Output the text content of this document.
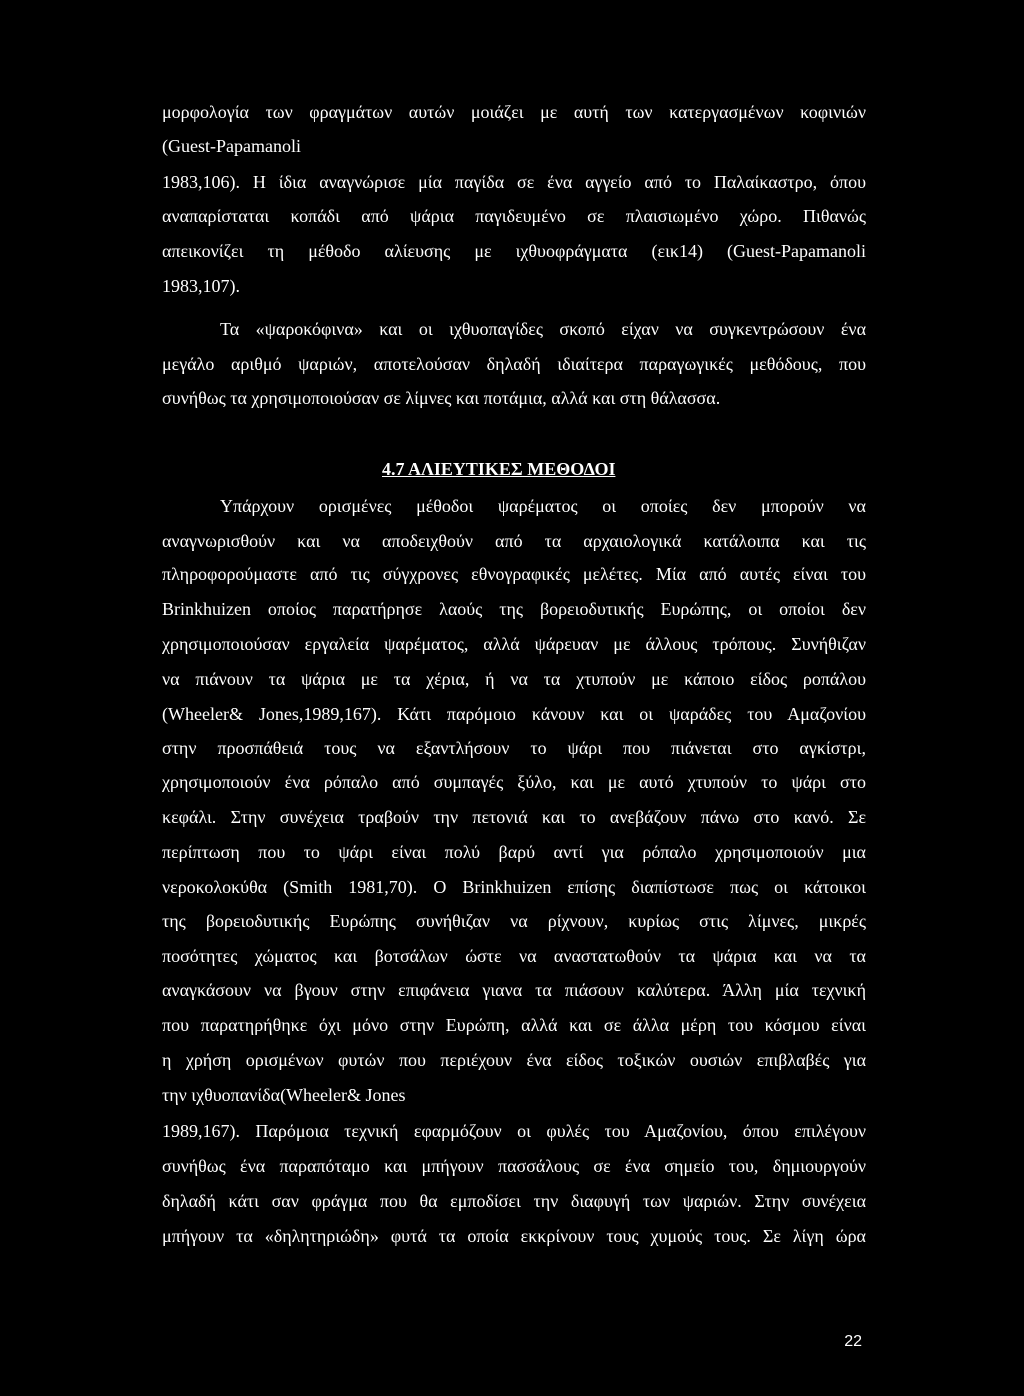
μορφολογία των φραγμάτων αυτών μοιάζει με αυτή των κατεργασμένων κοφινιών
(Guest-Papamanoli
1983,106). Η ίδια αναγνώρισε μία παγίδα σε ένα αγγείο από το Παλαίκαστρο, όπου
αναπαρίσταται κοπάδι από ψάρια παγιδευμένο σε πλαισιωμένο χώρο. Πιθανώς
απεικονίζει τη μέθοδο αλίευσης με ιχθυοφράγματα (εικ14) (Guest-Papamanoli
1983,107).
Τα «ψαροκόφινα» και οι ιχθυοπαγίδες σκοπό είχαν να συγκεντρώσουν ένα
μεγάλο αριθμό ψαριών, αποτελούσαν δηλαδή ιδιαίτερα παραγωγικές μεθόδους, που
συνήθως τα χρησιμοποιούσαν σε λίμνες και ποτάμια, αλλά και στη θάλασσα.
4.7 ΑΛΙΕΥΤΙΚΕΣ ΜΕΘΟΔΟΙ
Υπάρχουν ορισμένες μέθοδοι ψαρέματος οι οποίες δεν μπορούν να
αναγνωρισθούν και να αποδειχθούν από τα αρχαιολογικά κατάλοιπα και τις
πληροφορούμαστε από τις σύγχρονες εθνογραφικές μελέτες. Μία από αυτές είναι του
Brinkhuizen οποίος παρατήρησε λαούς της βορειοδυτικής Ευρώπης, οι οποίοι δεν
χρησιμοποιούσαν εργαλεία ψαρέματος, αλλά ψάρευαν με άλλους τρόπους. Συνήθιζαν
να πιάνουν τα ψάρια με τα χέρια, ή να τα χτυπούν με κάποιο είδος ροπάλου
(Wheeler& Jones,1989,167). Κάτι παρόμοιο κάνουν και οι ψαράδες του Αμαζονίου
στην προσπάθειά τους να εξαντλήσουν το ψάρι που πιάνεται στο αγκίστρι,
χρησιμοποιούν ένα ρόπαλο από συμπαγές ξύλο, και με αυτό χτυπούν το ψάρι στο
κεφάλι. Στην συνέχεια τραβούν την πετονιά και το ανεβάζουν πάνω στο κανό. Σε
περίπτωση που το ψάρι είναι πολύ βαρύ αντί για ρόπαλο χρησιμοποιούν μια
νεροκολοκύθα (Smith 1981,70). Ο Brinkhuizen επίσης διαπίστωσε πως οι κάτοικοι
της βορειοδυτικής Ευρώπης συνήθιζαν να ρίχνουν, κυρίως στις λίμνες, μικρές
ποσότητες χώματος και βοτσάλων ώστε να αναστατωθούν τα ψάρια και να τα
αναγκάσουν να βγουν στην επιφάνεια γιανα τα πιάσουν καλύτερα. Άλλη μία τεχνική
που παρατηρήθηκε όχι μόνο στην Ευρώπη, αλλά και σε άλλα μέρη του κόσμου είναι
η χρήση ορισμένων φυτών που περιέχουν ένα είδος τοξικών ουσιών επιβλαβές για
την ιχθυοπανίδα(Wheeler& Jones
1989,167). Παρόμοια τεχνική εφαρμόζουν οι φυλές του Αμαζονίου, όπου επιλέγουν
συνήθως ένα παραπόταμο και μπήγουν πασσάλους σε ένα σημείο του, δημιουργούν
δηλαδή κάτι σαν φράγμα που θα εμποδίσει την διαφυγή των ψαριών. Στην συνέχεια
μπήγουν τα «δηλητηριώδη» φυτά τα οποία εκκρίνουν τους χυμούς τους. Σε λίγη ώρα
22
